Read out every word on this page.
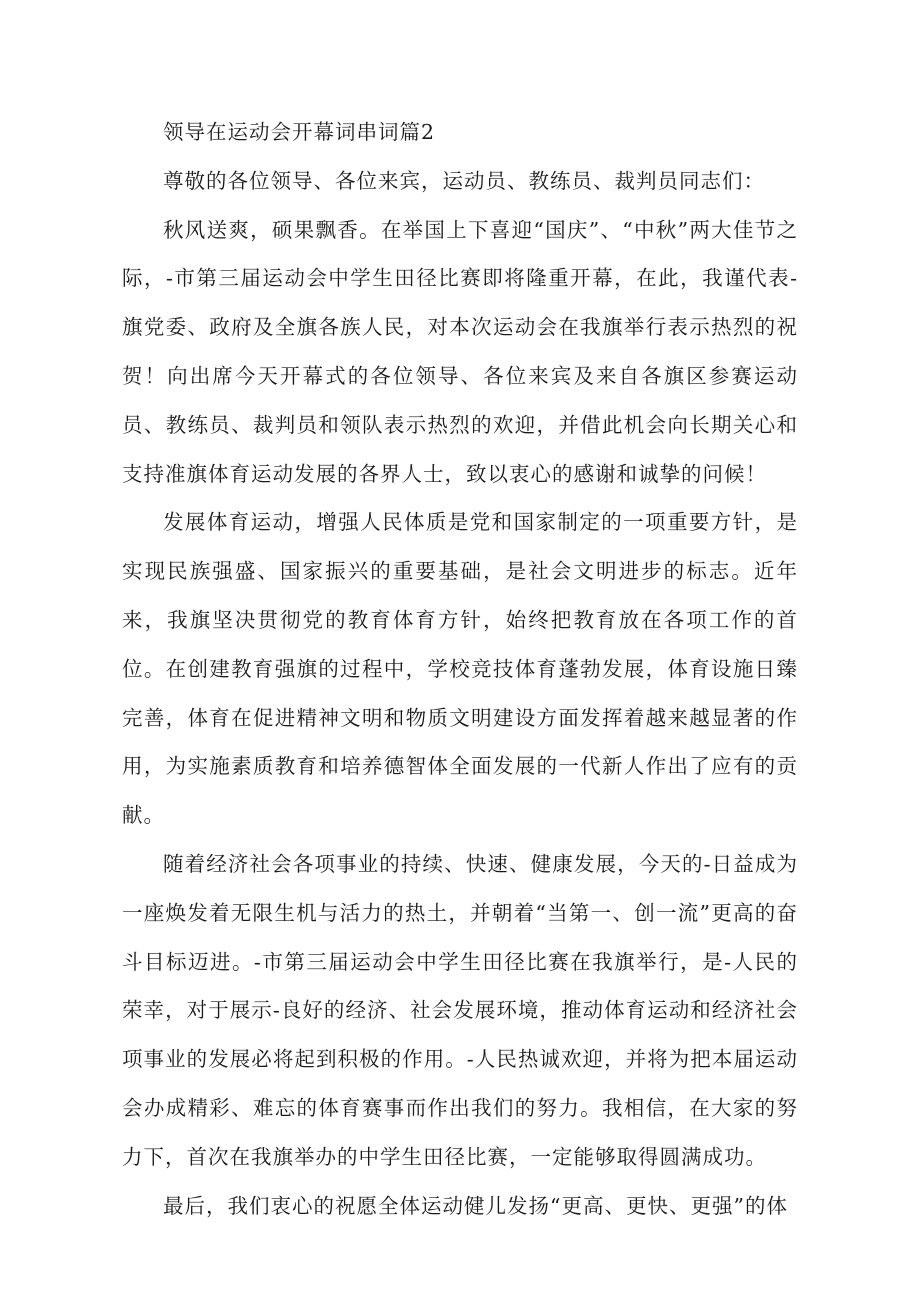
领导在运动会开幕词串词篇2

尊敬的各位领导、各位来宾，运动员、教练员、裁判员同志们：

秋风送爽，硕果飘香。在举国上下喜迎“国庆”、“中秋”两大佳节之际，-市第三届运动会中学生田径比赛即将隆重开幕，在此，我谨代表-旗党委、政府及全旗各族人民，对本次运动会在我旗举行表示热烈的祝贺！向出席今天开幕式的各位领导、各位来宾及来自各旗区参赛运动员、教练员、裁判员和领队表示热烈的欢迎，并借此机会向长期关心和支持准旗体育运动发展的各界人士，致以衷心的感谢和诚挚的问候！

发展体育运动，增强人民体质是党和国家制定的一项重要方针，是实现民族强盛、国家振兴的重要基础，是社会文明进步的标志。近年来，我旗坚决贯彻党的教育体育方针，始终把教育放在各项工作的首位。在创建教育强旗的过程中，学校竞技体育蓬勃发展，体育设施日臻完善，体育在促进精神文明和物质文明建设方面发挥着越来越显著的作用，为实施素质教育和培养德智体全面发展的一代新人作出了应有的贡献。

随着经济社会各项事业的持续、快速、健康发展，今天的-日益成为一座焕发着无限生机与活力的热土，并朝着“当第一、创一流”更高的奋斗目标迈进。-市第三届运动会中学生田径比赛在我旗举行，是-人民的荣幸，对于展示-良好的经济、社会发展环境，推动体育运动和经济社会项事业的发展必将起到积极的作用。-人民热诚欢迎，并将为把本届运动会办成精彩、难忘的体育赛事而作出我们的努力。我相信，在大家的努力下，首次在我旗举办的中学生田径比赛，一定能够取得圆满成功。

最后，我们衷心的祝愿全体运动健儿发扬“更高、更快、更强”的体
